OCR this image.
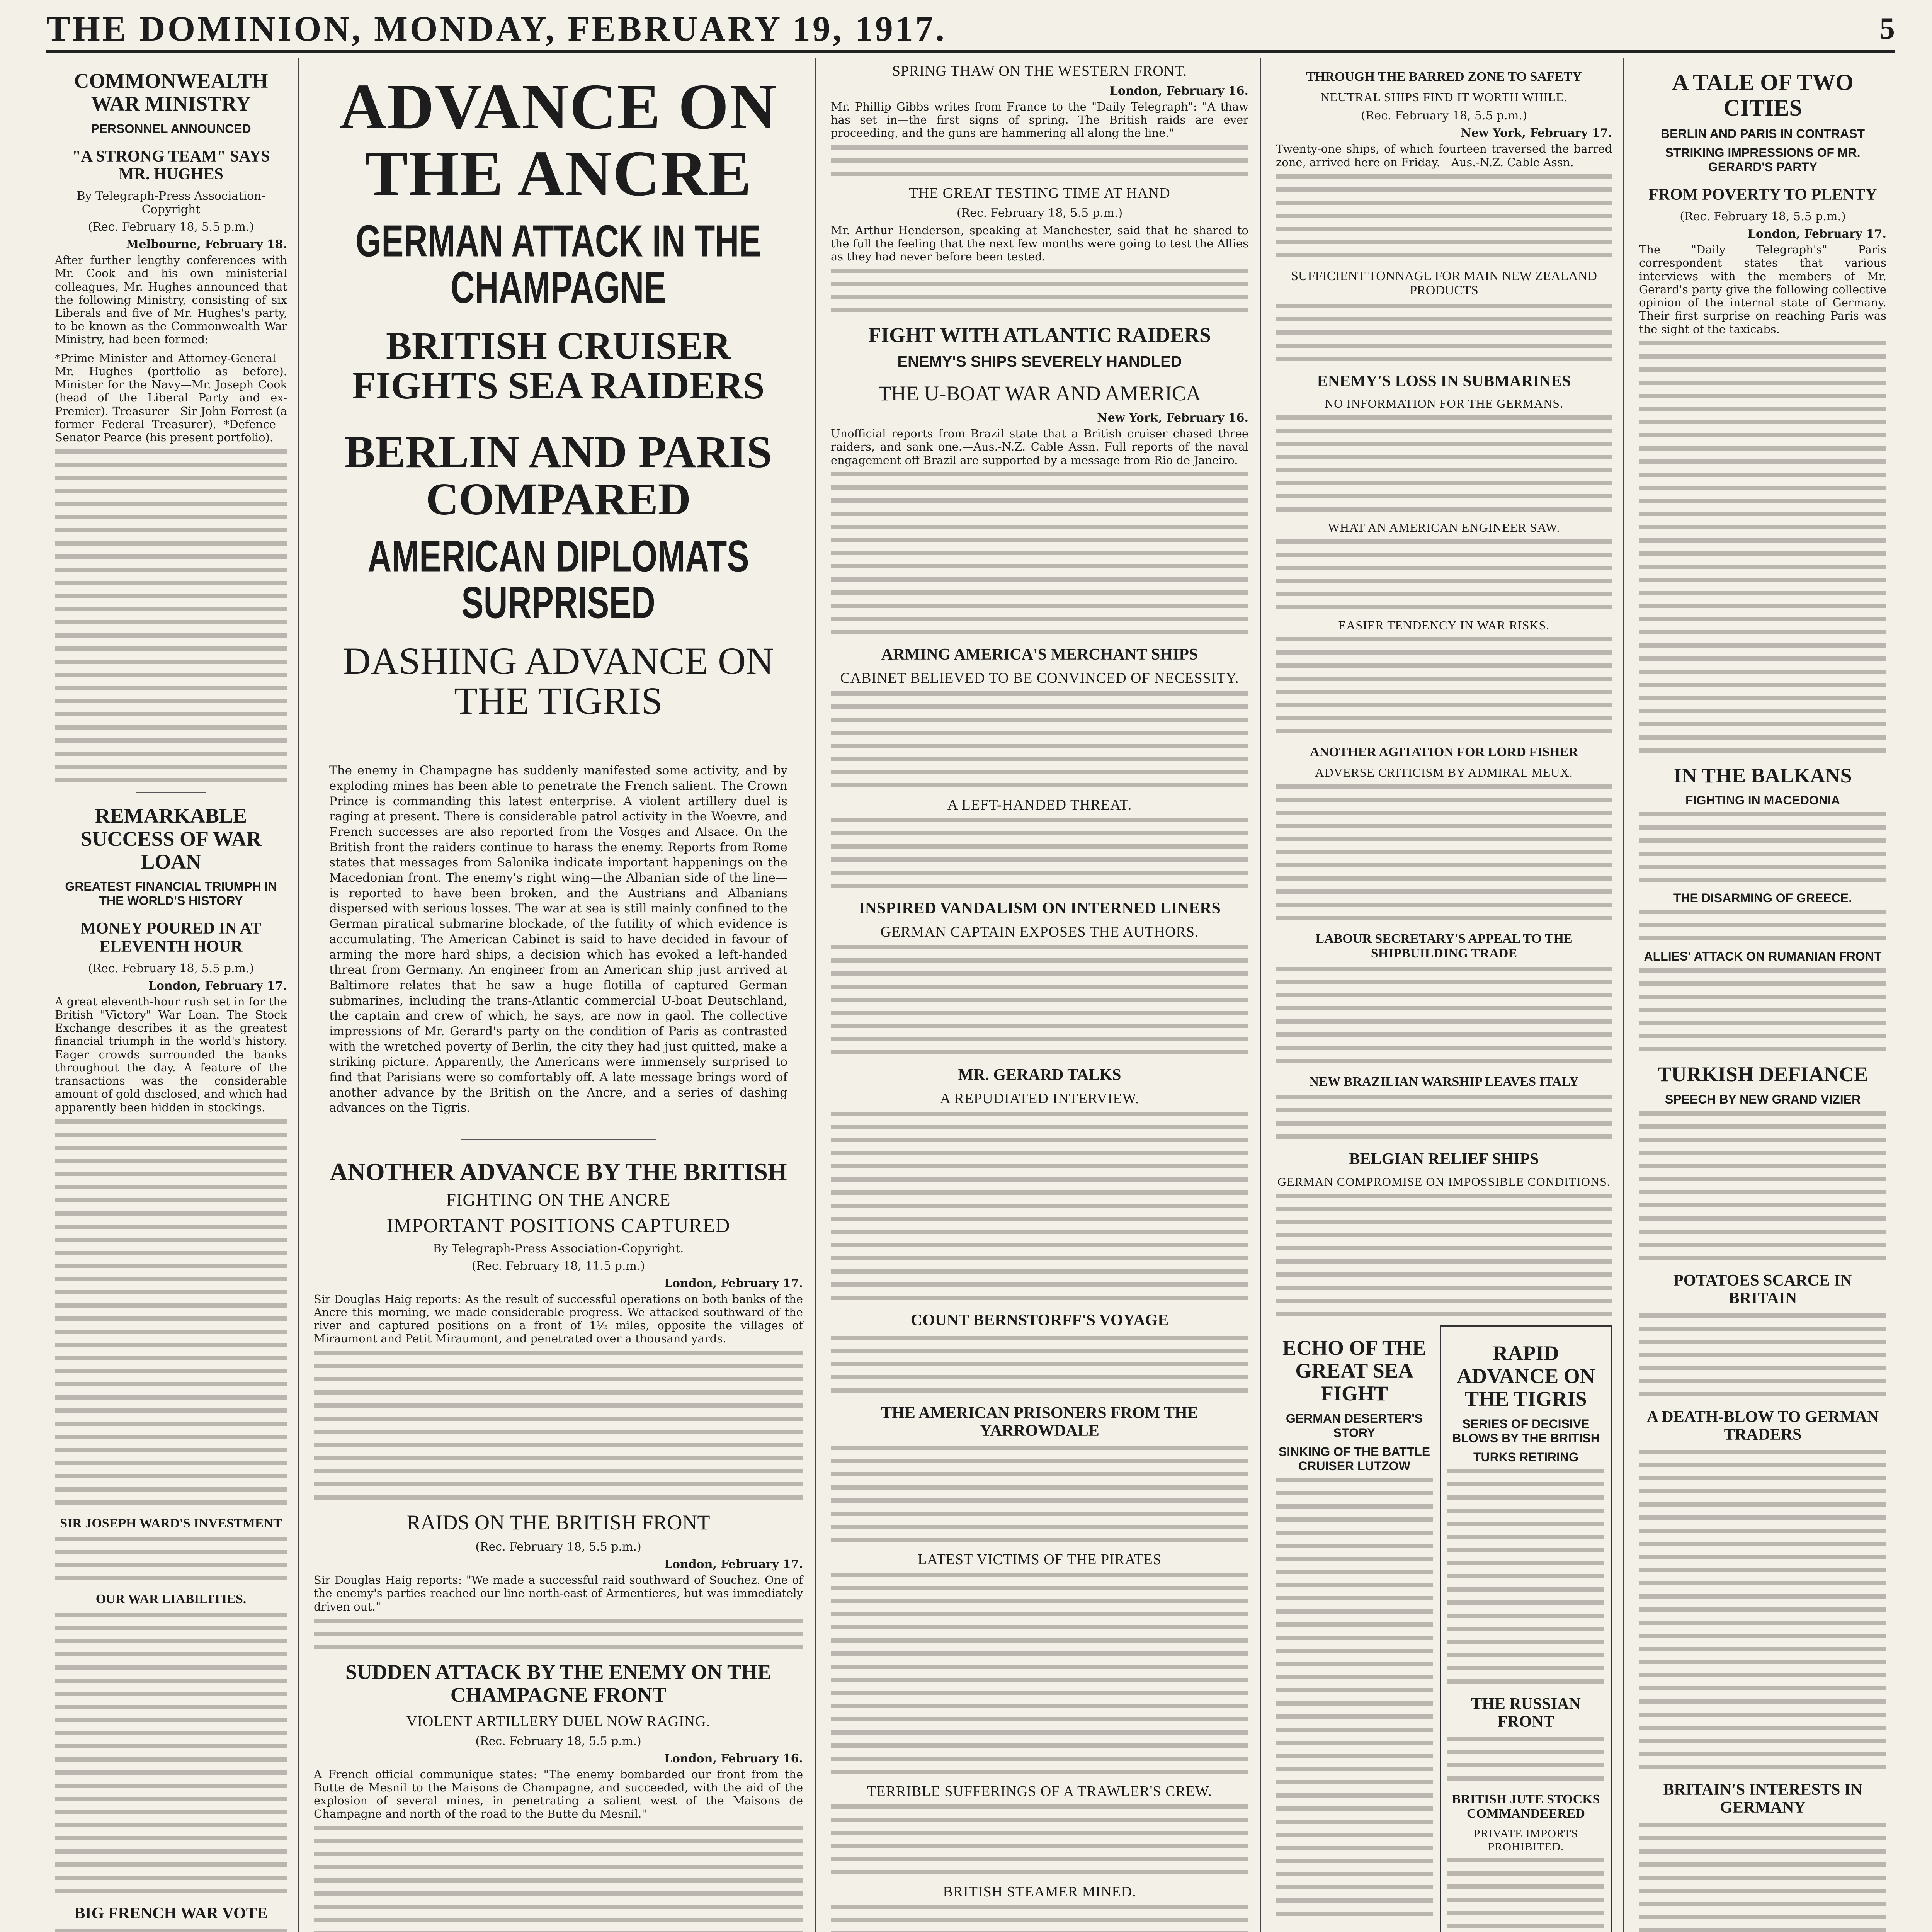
THE DOMINION, MONDAY, FEBRUARY 19, 1917.	5
COMMONWEALTH WAR MINISTRY
PERSONNEL ANNOUNCED
"A STRONG TEAM" SAYS MR. HUGHES
By Telegraph-Press Association-Copyright
(Rec. February 18, 5.5 p.m.)
Melbourne, February 18.

After further lengthy conferences with Mr. Cook and his own ministerial colleagues, Mr. Hughes announced that the following Ministry, consisting of six Liberals and five of Mr. Hughes's party, to be known as the Commonwealth War Ministry, had been formed:

*Prime Minister and Attorney-General—Mr. Hughes (portfolio as before). Minister for the Navy—Mr. Joseph Cook (head of the Liberal Party and ex-Premier). Treasurer—Sir John Forrest (a former Federal Treasurer). *Defence—Senator Pearce (his present portfolio).

REMARKABLE SUCCESS OF WAR LOAN
GREATEST FINANCIAL TRIUMPH IN THE WORLD'S HISTORY
MONEY POURED IN AT ELEVENTH HOUR
(Rec. February 18, 5.5 p.m.)
London, February 17.

A great eleventh-hour rush set in for the British "Victory" War Loan. The Stock Exchange describes it as the greatest financial triumph in the world's history. Eager crowds surrounded the banks throughout the day. A feature of the transactions was the considerable amount of gold disclosed, and which had apparently been hidden in stockings.

SIR JOSEPH WARD'S INVESTMENT
OUR WAR LIABILITIES.
BIG FRENCH WAR VOTE
ADVANCE ON THE ANCRE
GERMAN ATTACK IN THE CHAMPAGNE
BRITISH CRUISER FIGHTS SEA RAIDERS
BERLIN AND PARIS COMPARED
AMERICAN DIPLOMATS SURPRISED
DASHING ADVANCE ON THE TIGRIS

The enemy in Champagne has suddenly manifested some activity, and by exploding mines has been able to penetrate the French salient. The Crown Prince is commanding this latest enterprise. A violent artillery duel is raging at present. There is considerable patrol activity in the Woevre, and French successes are also reported from the Vosges and Alsace. On the British front the raiders continue to harass the enemy. Reports from Rome states that messages from Salonika indicate important happenings on the Macedonian front. The enemy's right wing—the Albanian side of the line—is reported to have been broken, and the Austrians and Albanians dispersed with serious losses. The war at sea is still mainly confined to the German piratical submarine blockade, of the futility of which evidence is accumulating. The American Cabinet is said to have decided in favour of arming the more hard ships, a decision which has evoked a left-handed threat from Germany. An engineer from an American ship just arrived at Baltimore relates that he saw a huge flotilla of captured German submarines, including the trans-Atlantic commercial U-boat Deutschland, the captain and crew of which, he says, are now in gaol. The collective impressions of Mr. Gerard's party on the condition of Paris as contrasted with the wretched poverty of Berlin, the city they had just quitted, make a striking picture. Apparently, the Americans were immensely surprised to find that Parisians were so comfortably off. A late message brings word of another advance by the British on the Ancre, and a series of dashing advances on the Tigris.

ANOTHER ADVANCE BY THE BRITISH
FIGHTING ON THE ANCRE
IMPORTANT POSITIONS CAPTURED
By Telegraph-Press Association-Copyright.
(Rec. February 18, 11.5 p.m.)
London, February 17.

Sir Douglas Haig reports: As the result of successful operations on both banks of the Ancre this morning, we made considerable progress. We attacked southward of the river and captured positions on a front of 1½ miles, opposite the villages of Miraumont and Petit Miraumont, and penetrated over a thousand yards.

RAIDS ON THE BRITISH FRONT
(Rec. February 18, 5.5 p.m.)
London, February 17.

Sir Douglas Haig reports: "We made a successful raid southward of Souchez. One of the enemy's parties reached our line north-east of Armentieres, but was immediately driven out."

SUDDEN ATTACK BY THE ENEMY ON THE CHAMPAGNE FRONT
VIOLENT ARTILLERY DUEL NOW RAGING.
(Rec. February 18, 5.5 p.m.)
London, February 16.

A French official communique states: "The enemy bombarded our front from the Butte de Mesnil to the Maisons de Champagne, and succeeded, with the aid of the explosion of several mines, in penetrating a salient west of the Maisons de Champagne and north of the road to the Butte du Mesnil."

SPRING THAW ON THE WESTERN FRONT.
London, February 16.

Mr. Phillip Gibbs writes from France to the "Daily Telegraph": "A thaw has set in—the first signs of spring. The British raids are ever proceeding, and the guns are hammering all along the line."

THE GREAT TESTING TIME AT HAND
(Rec. February 18, 5.5 p.m.)

Mr. Arthur Henderson, speaking at Manchester, said that he shared to the full the feeling that the next few months were going to test the Allies as they had never before been tested.

FIGHT WITH ATLANTIC RAIDERS
ENEMY'S SHIPS SEVERELY HANDLED
THE U-BOAT WAR AND AMERICA
New York, February 16.

Unofficial reports from Brazil state that a British cruiser chased three raiders, and sank one.—Aus.-N.Z. Cable Assn. Full reports of the naval engagement off Brazil are supported by a message from Rio de Janeiro.

ARMING AMERICA'S MERCHANT SHIPS
CABINET BELIEVED TO BE CONVINCED OF NECESSITY.
A LEFT-HANDED THREAT.
INSPIRED VANDALISM ON INTERNED LINERS
GERMAN CAPTAIN EXPOSES THE AUTHORS.
MR. GERARD TALKS
A REPUDIATED INTERVIEW.
COUNT BERNSTORFF'S VOYAGE
THE AMERICAN PRISONERS FROM THE YARROWDALE
LATEST VICTIMS OF THE PIRATES
TERRIBLE SUFFERINGS OF A TRAWLER'S CREW.
BRITISH STEAMER MINED.
THROUGH THE BARRED ZONE TO SAFETY
NEUTRAL SHIPS FIND IT WORTH WHILE.
(Rec. February 18, 5.5 p.m.)
New York, February 17.

Twenty-one ships, of which fourteen traversed the barred zone, arrived here on Friday.—Aus.-N.Z. Cable Assn.

SUFFICIENT TONNAGE FOR MAIN NEW ZEALAND PRODUCTS
ENEMY'S LOSS IN SUBMARINES
NO INFORMATION FOR THE GERMANS.
WHAT AN AMERICAN ENGINEER SAW.
EASIER TENDENCY IN WAR RISKS.
ANOTHER AGITATION FOR LORD FISHER
ADVERSE CRITICISM BY ADMIRAL MEUX.
LABOUR SECRETARY'S APPEAL TO THE SHIPBUILDING TRADE
NEW BRAZILIAN WARSHIP LEAVES ITALY
BELGIAN RELIEF SHIPS
GERMAN COMPROMISE ON IMPOSSIBLE CONDITIONS.
ECHO OF THE GREAT SEA FIGHT
GERMAN DESERTER'S STORY
SINKING OF THE BATTLE CRUISER LUTZOW
RAPID ADVANCE ON THE TIGRIS
SERIES OF DECISIVE BLOWS BY THE BRITISH
TURKS RETIRING
THE RUSSIAN FRONT
BRITISH JUTE STOCKS COMMANDEERED
PRIVATE IMPORTS PROHIBITED.
A TALE OF TWO CITIES
BERLIN AND PARIS IN CONTRAST
STRIKING IMPRESSIONS OF MR. GERARD'S PARTY
FROM POVERTY TO PLENTY
(Rec. February 18, 5.5 p.m.)
London, February 17.

The "Daily Telegraph's" Paris correspondent states that various interviews with the members of Mr. Gerard's party give the following collective opinion of the internal state of Germany. Their first surprise on reaching Paris was the sight of the taxicabs.

IN THE BALKANS
FIGHTING IN MACEDONIA
THE DISARMING OF GREECE.
ALLIES' ATTACK ON RUMANIAN FRONT
TURKISH DEFIANCE
SPEECH BY NEW GRAND VIZIER
POTATOES SCARCE IN BRITAIN
A DEATH-BLOW TO GERMAN TRADERS
BRITAIN'S INTERESTS IN GERMANY
